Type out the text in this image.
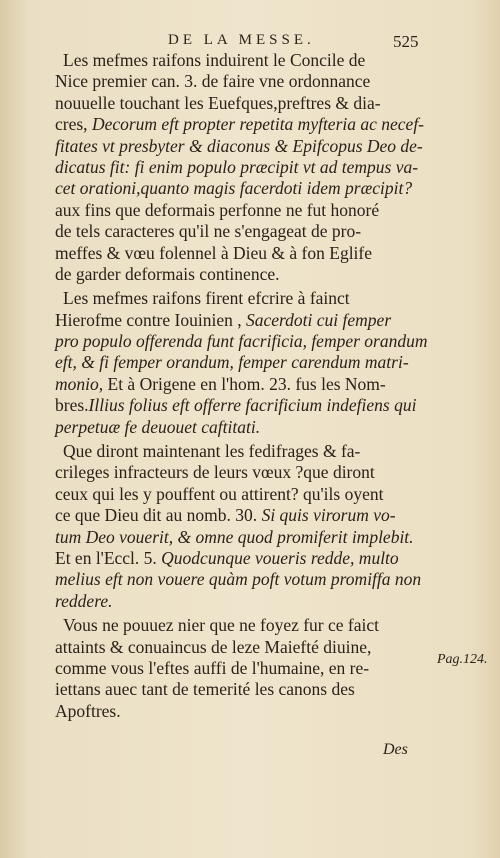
DE LA MESSE.	525
Les mefmes raifons induirent le Concile de
Nice premier can. 3. de faire vne ordonnance
nouuelle touchant les Euefques,preftres & dia-
cres, Decorum eft propter repetita myfteria ac necef-
fitates vt presbyter & diaconus & Epifcopus Deo de-
dicatus fit: fi enim populo præcipit vt ad tempus va-
cet orationi,quanto magis facerdoti idem præcipit?
aux fins que deformais perfonne ne fut honoré
de tels caracteres qu'il ne s'engageat de pro-
meffes & vœu folennel à Dieu & à fon Eglife
de garder deformais continence.
Les mefmes raifons firent efcrire à fainct
Hierofme contre Iouinien , Sacerdoti cui femper
pro populo offerenda funt facrificia, femper orandum
eft, & fi femper orandum, femper carendum matri-
monio, Et à Origene en l'hom. 23. fus les Nom-
bres.Illius folius eft offerre facrificium indefiens qui
perpetuæ fe deuouet caftitati.
Que diront maintenant les fedifrages & fa-
crileges infracteurs de leurs vœux ?que diront
ceux qui les y pouffent ou attirent? qu'ils oyent
ce que Dieu dit au nomb. 30. Si quis virorum vo-
tum Deo vouerit, & omne quod promiferit implebit.
Et en l'Eccl. 5. Quodcunque voueris redde, multo
melius eft non vouere quàm poft votum promiffa non
reddere.
Vous ne pouuez nier que ne foyez fur ce faict
attaints & conuaincus de leze Maiefté diuine,
comme vous l'eftes auffi de l'humaine, en re-
iettans auec tant de temerité les canons des
Apoftres.
Pag.124.
Des
